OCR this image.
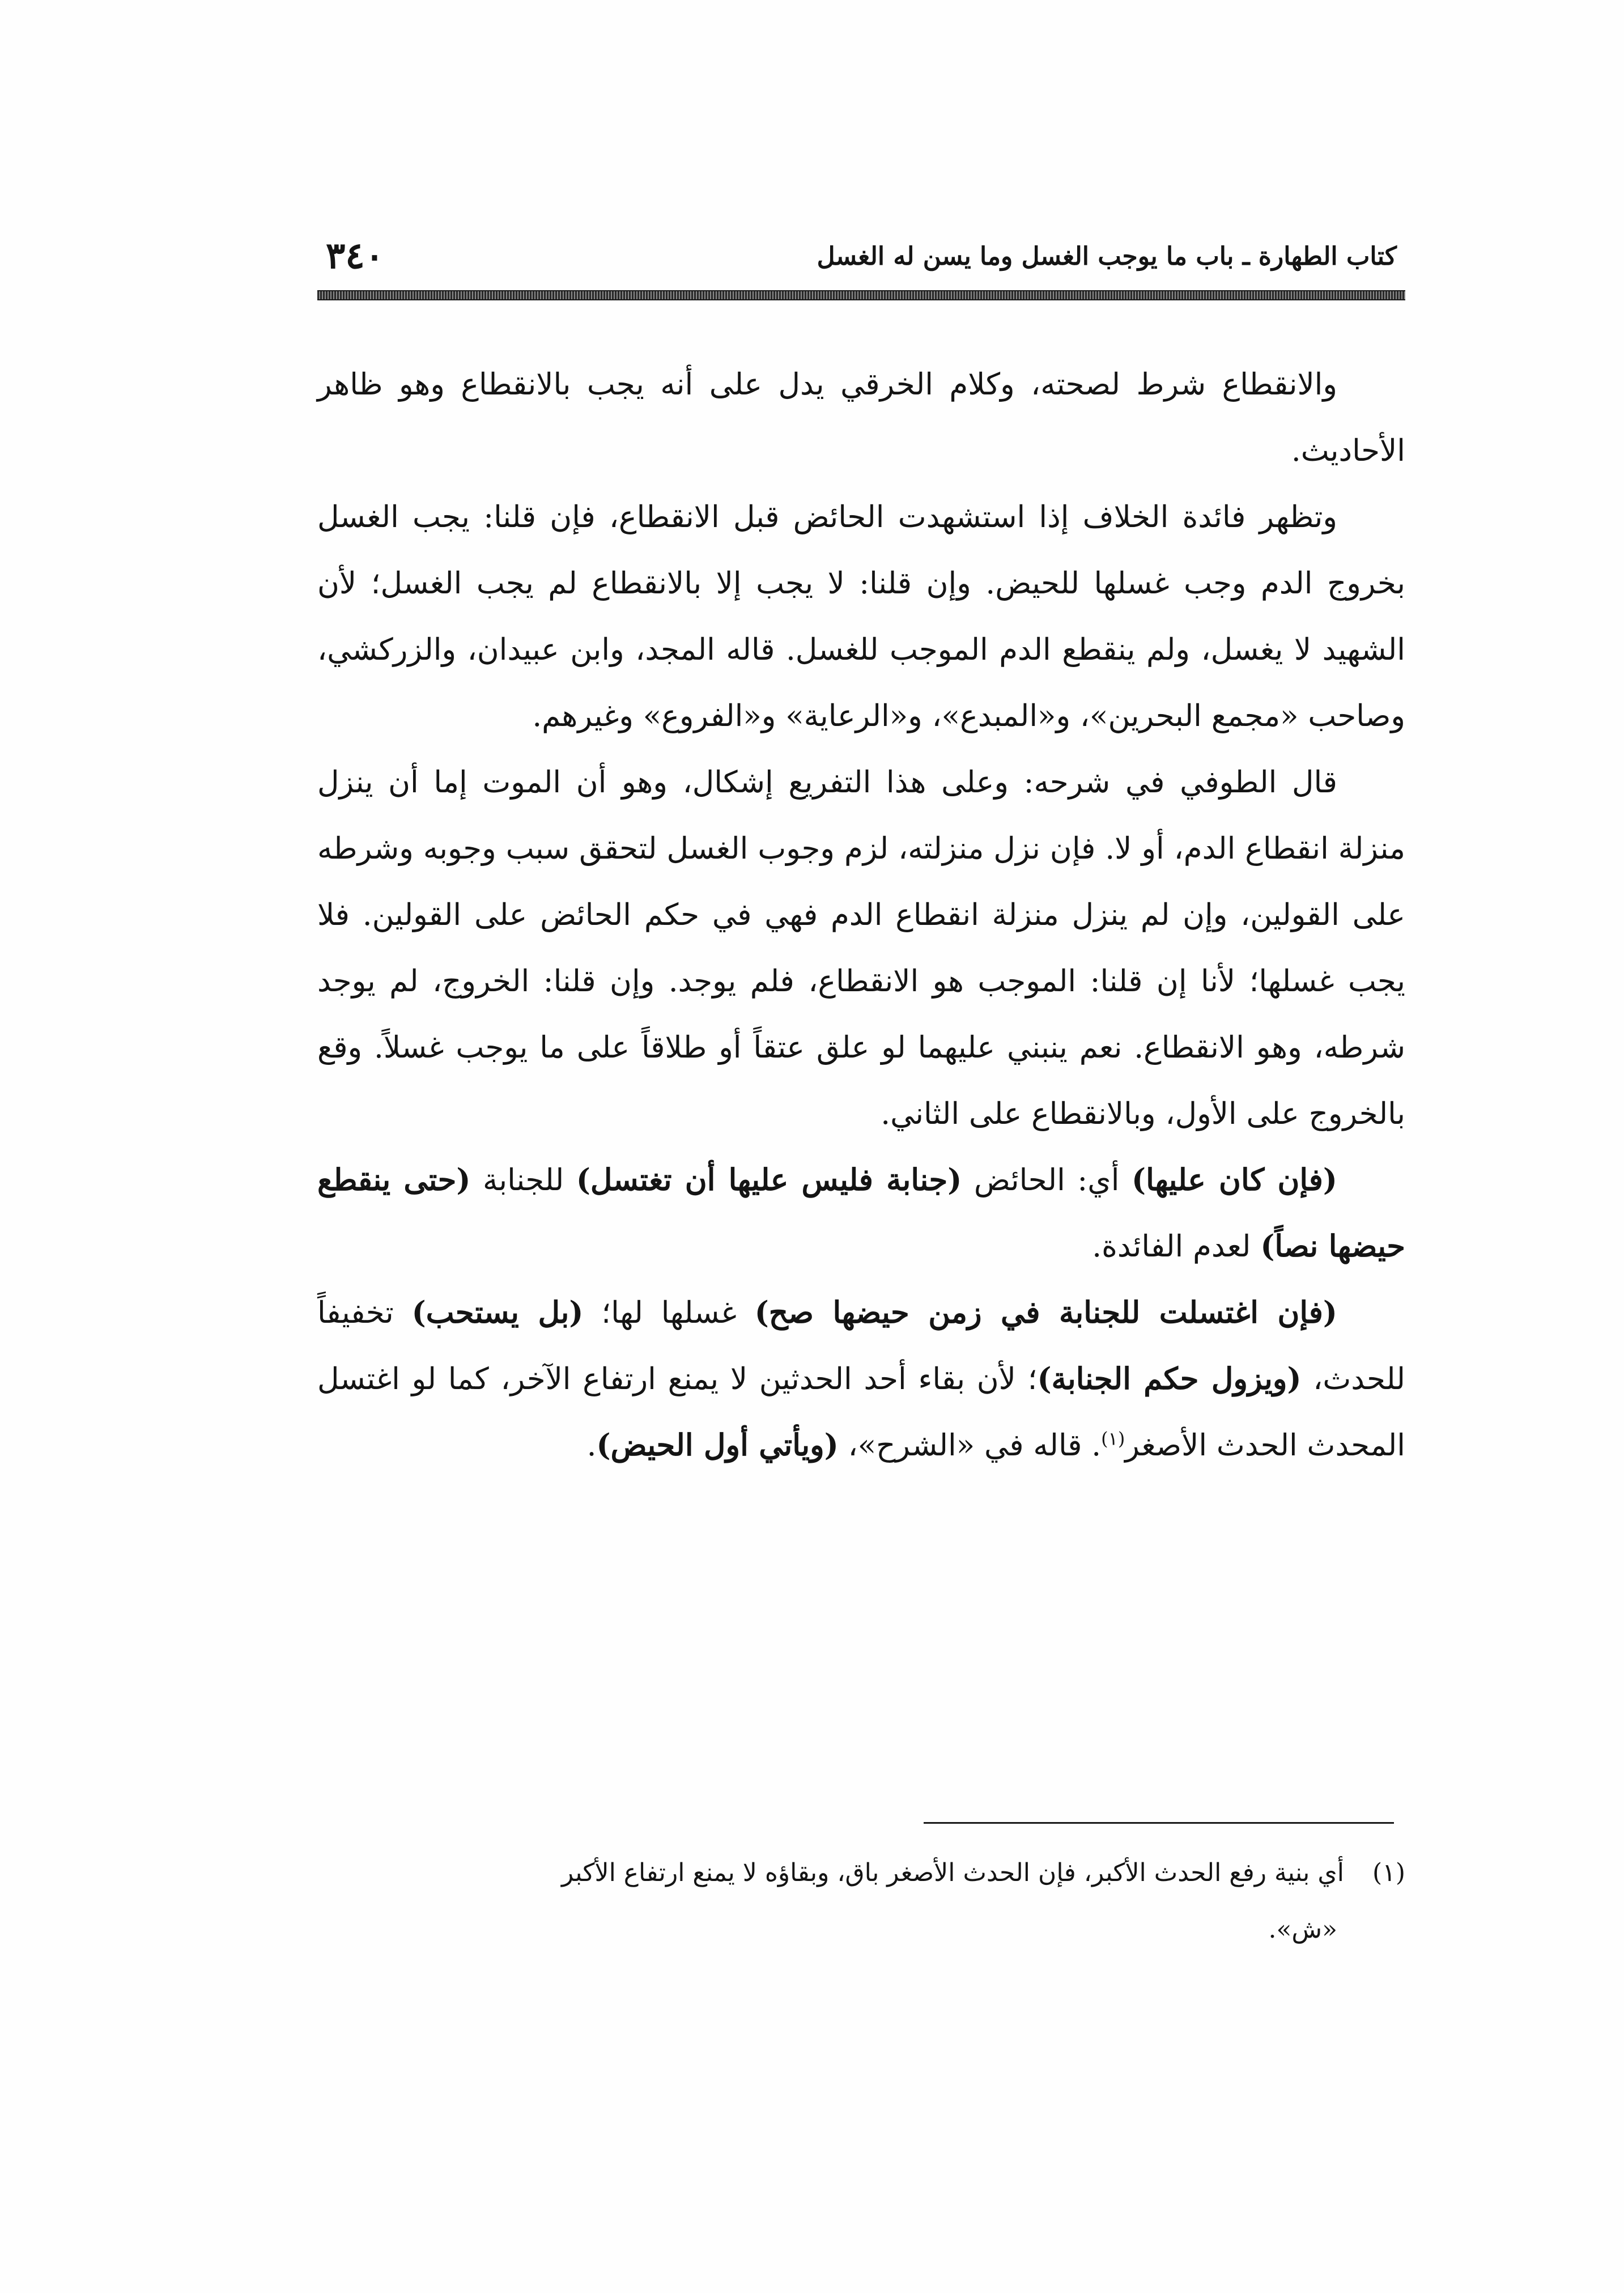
كتاب الطهارة ـ باب ما يوجب الغسل وما يسن له الغسل
٣٤٠

والانقطاع شرط لصحته، وكلام الخرقي يدل على أنه يجب بالانقطاع وهو ظاهر الأحاديث.

وتظهر فائدة الخلاف إذا استشهدت الحائض قبل الانقطاع، فإن قلنا: يجب الغسل بخروج الدم وجب غسلها للحيض. وإن قلنا: لا يجب إلا بالانقطاع لم يجب الغسل؛ لأن الشهيد لا يغسل، ولم ينقطع الدم الموجب للغسل. قاله المجد، وابن عبيدان، والزركشي، وصاحب «مجمع البحرين»، و«المبدع»، و«الرعاية» و«الفروع» وغيرهم.

قال الطوفي في شرحه: وعلى هذا التفريع إشكال، وهو أن الموت إما أن ينزل منزلة انقطاع الدم، أو لا. فإن نزل منزلته، لزم وجوب الغسل لتحقق سبب وجوبه وشرطه على القولين، وإن لم ينزل منزلة انقطاع الدم فهي في حكم الحائض على القولين. فلا يجب غسلها؛ لأنا إن قلنا: الموجب هو الانقطاع، فلم يوجد. وإن قلنا: الخروج، لم يوجد شرطه، وهو الانقطاع. نعم ينبني عليهما لو علق عتقاً أو طلاقاً على ما يوجب غسلاً. وقع بالخروج على الأول، وبالانقطاع على الثاني.

(فإن كان عليها) أي: الحائض (جنابة فليس عليها أن تغتسل) للجنابة (حتى ينقطع حيضها نصاً) لعدم الفائدة.

(فإن اغتسلت للجنابة في زمن حيضها صح) غسلها لها؛ (بل يستحب) تخفيفاً للحدث، (ويزول حكم الجنابة)؛ لأن بقاء أحد الحدثين لا يمنع ارتفاع الآخر، كما لو اغتسل المحدث الحدث الأصغر$^{(١)}$. قاله في «الشرح»، (ويأتي أول الحيض).

(١)أي بنية رفع الحدث الأكبر، فإن الحدث الأصغر باق، وبقاؤه لا يمنع ارتفاع الأكبر

«ش».
